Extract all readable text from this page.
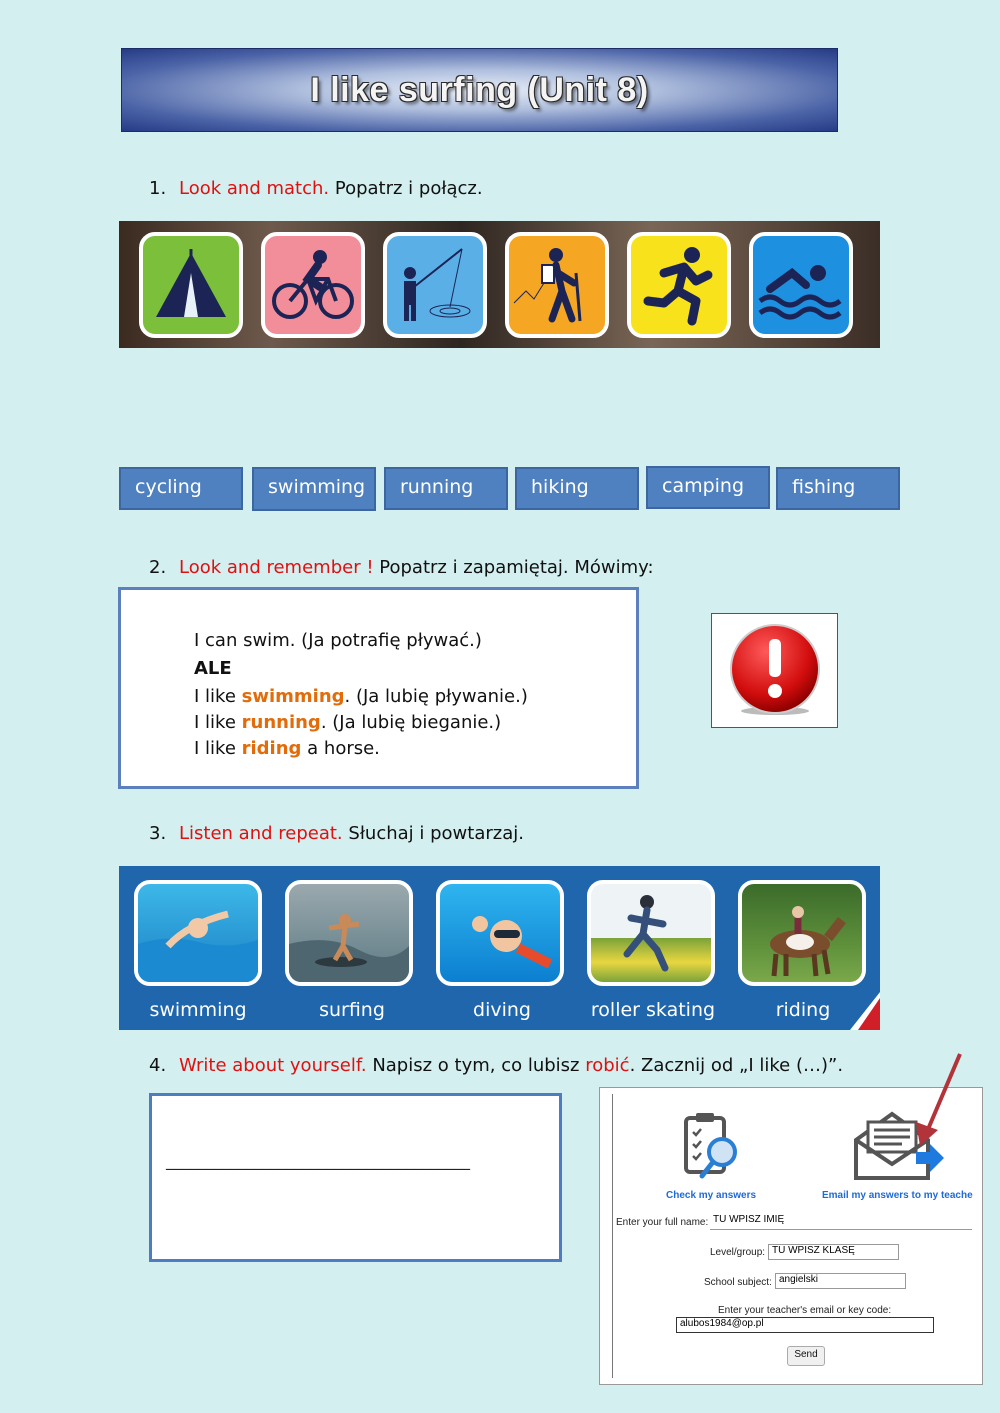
I like surfing (Unit 8)
1. Look and match. Popatrz i połącz.
cycling	swimming	running	hiking	camping	fishing
2. Look and remember ! Popatrz i zapamiętaj. Mówimy:
I can swim. (Ja potrafię pływać.)
ALE
I like swimming. (Ja lubię pływanie.)
I like running. (Ja lubię bieganie.)
I like riding a horse.
3. Listen and repeat. Słuchaj i powtarzaj.
swimming	surfing	diving	roller skating	riding
4. Write about yourself. Napisz o tym, co lubisz robić. Zacznij od „I like (…)”.
______________________________________
Check my answers	Email my answers to my teache
Enter your full name: TU WPISZ IMIĘ
Level/group: TU WPISZ KLASĘ
School subject: angielski
Enter your teacher's email or key code:
alubos1984@op.pl
Send
